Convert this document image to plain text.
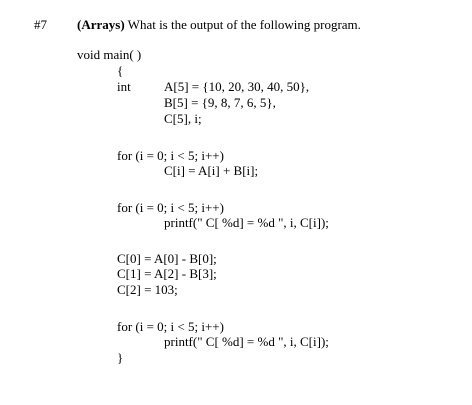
#7 (Arrays) What is the output of the following program.
void main( )
{
int	A[5] = {10, 20, 30, 40, 50},
B[5] = {9, 8, 7, 6, 5},
C[5], i;
for (i = 0; i < 5; i++)
C[i] = A[i] + B[i];
for (i = 0; i < 5; i++)
printf(" C[ %d] = %d ", i, C[i]);
C[0] = A[0] - B[0];
C[1] = A[2] - B[3];
C[2] = 103;
for (i = 0; i < 5; i++)
printf(" C[ %d] = %d ", i, C[i]);
}
